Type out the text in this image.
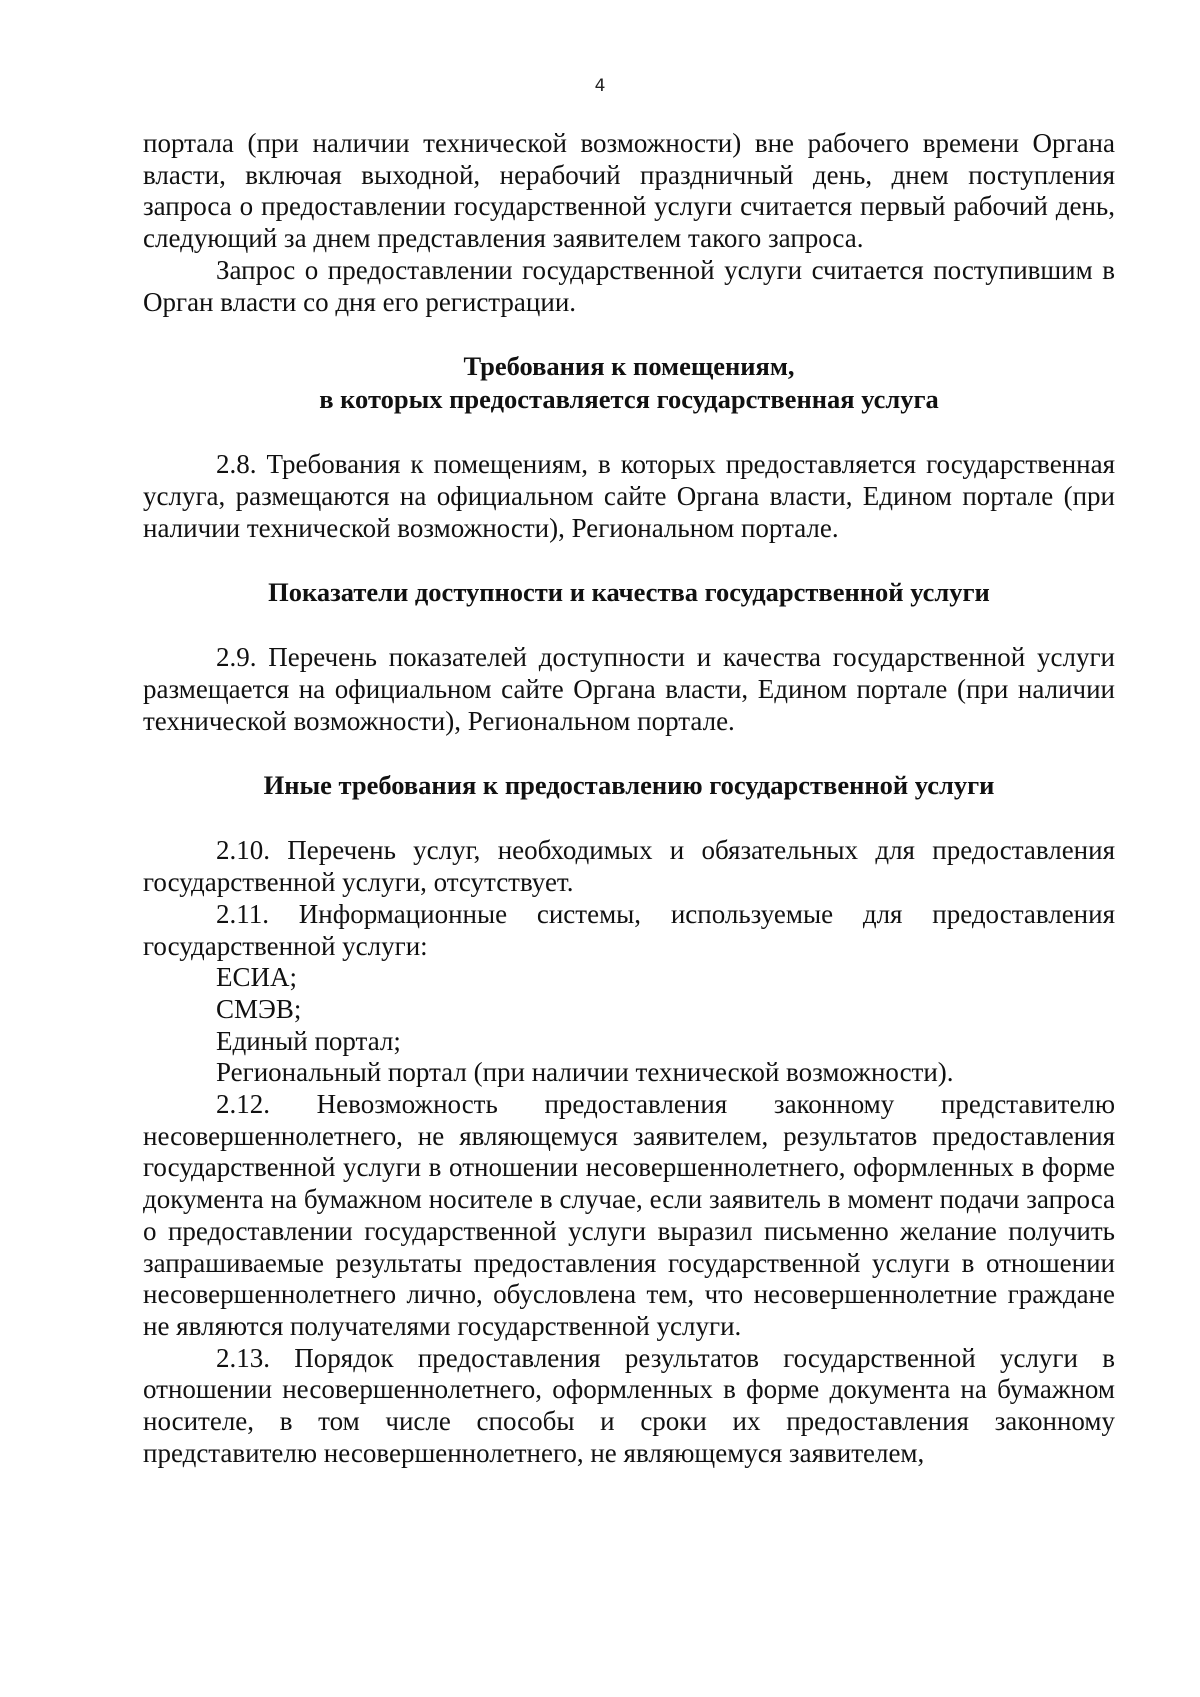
4

портала (при наличии технической возможности) вне рабочего времени Органа власти, включая выходной, нерабочий праздничный день, днем поступления запроса о предоставлении государственной услуги считается первый рабочий день, следующий за днем представления заявителем такого запроса.

Запрос о предоставлении государственной услуги считается поступившим в Орган власти со дня его регистрации.

Требования к помещениям,

в которых предоставляется государственная услуга

2.8. Требования к помещениям, в которых предоставляется государственная услуга, размещаются на официальном сайте Органа власти, Едином портале (при наличии технической возможности), Региональном портале.

Показатели доступности и качества государственной услуги

2.9. Перечень показателей доступности и качества государственной услуги размещается на официальном сайте Органа власти, Едином портале (при наличии технической возможности), Региональном портале.

Иные требования к предоставлению государственной услуги

2.10. Перечень услуг, необходимых и обязательных для предоставления государственной услуги, отсутствует.

2.11. Информационные системы, используемые для предоставления государственной услуги:

ЕСИА;

СМЭВ;

Единый портал;

Региональный портал (при наличии технической возможности).

2.12. Невозможность предоставления законному представителю несовершеннолетнего, не являющемуся заявителем, результатов предоставления государственной услуги в отношении несовершеннолетнего, оформленных в форме документа на бумажном носителе в случае, если заявитель в момент подачи запроса о предоставлении государственной услуги выразил письменно желание получить запрашиваемые результаты предоставления государственной услуги в отношении несовершеннолетнего лично, обусловлена тем, что несовершеннолетние граждане не являются получателями государственной услуги.

2.13. Порядок предоставления результатов государственной услуги в отношении несовершеннолетнего, оформленных в форме документа на бумажном носителе, в том числе способы и сроки их предоставления законному представителю несовершеннолетнего, не являющемуся заявителем,
